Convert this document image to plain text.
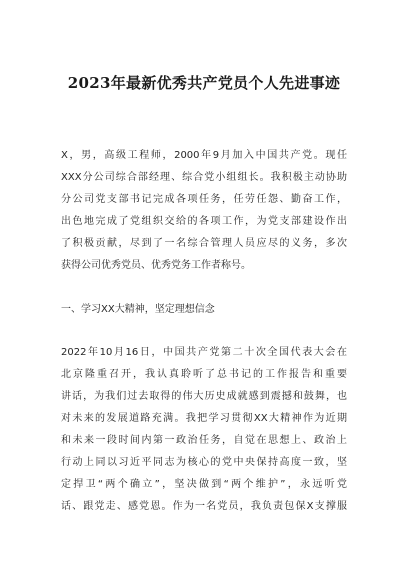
2023年最新优秀共产党员个人先进事迹
X，男，高级工程师，2000年9月加入中国共产党。现任
XXX分公司综合部经理、综合党小组组长。我积极主动协助
分公司党支部书记完成各项任务，任劳任怨、勤奋工作，
出色地完成了党组织交给的各项工作，为党支部建设作出
了积极贡献，尽到了一名综合管理人员应尽的义务，多次
获得公司优秀党员、优秀党务工作者称号。
一、学习XX大精神，坚定理想信念
2022年10月16日，中国共产党第二十次全国代表大会在
北京隆重召开，我认真聆听了总书记的工作报告和重要
讲话，为我们过去取得的伟大历史成就感到震撼和鼓舞，也
对未来的发展道路充满。我把学习贯彻XX大精神作为近期
和未来一段时间内第一政治任务，自觉在思想上、政治上
行动上同以习近平同志为核心的党中央保持高度一致，坚
定捍卫“两个确立”，坚决做到“两个维护”，永远听党
话、跟党走、感党恩。作为一名党员，我负责包保X支撑服
